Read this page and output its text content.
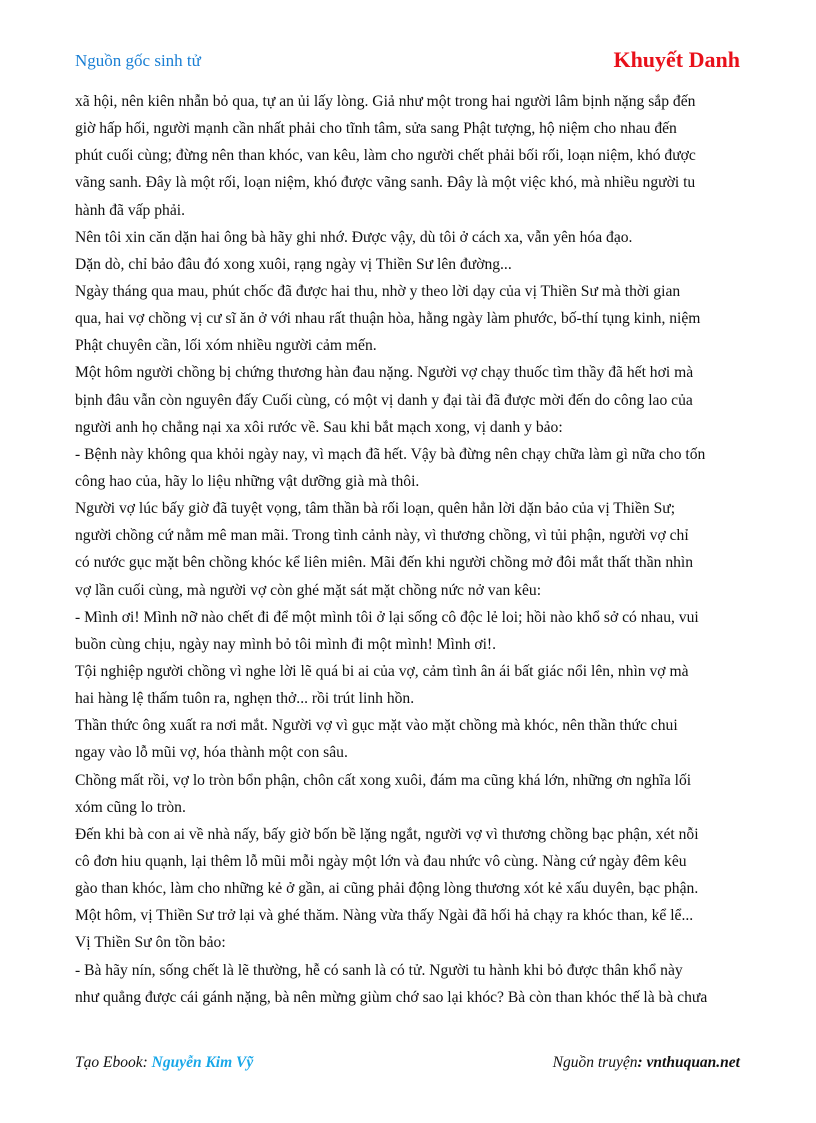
Nguồn gốc sinh tử	Khuyết Danh
xã hội, nên kiên nhẫn bỏ qua, tự an ủi lấy lòng. Giả như một trong hai người lâm bịnh nặng sắp đến
giờ hấp hối, người mạnh cần nhất phải cho tĩnh tâm, sửa sang Phật tượng, hộ niệm cho nhau đến
phút cuối cùng; đừng nên than khóc, van kêu, làm cho người chết phải bối rối, loạn niệm, khó được
vãng sanh. Đây là một rối, loạn niệm, khó được vãng sanh. Đây là một việc khó, mà nhiều người tu
hành đã vấp phải.
Nên tôi xin căn dặn hai ông bà hãy ghi nhớ. Được vậy, dù tôi ở cách xa, vẫn yên hóa đạo.
Dặn dò, chỉ bảo đâu đó xong xuôi, rạng ngày vị Thiền Sư lên đường...
Ngày tháng qua mau, phút chốc đã được hai thu, nhờ y theo lời dạy của vị Thiền Sư mà thời gian
qua, hai vợ chồng vị cư sĩ ăn ở với nhau rất thuận hòa, hằng ngày làm phước, bố-thí tụng kinh, niệm
Phật chuyên cần, lối xóm nhiều người cảm mến.
Một hôm người chồng bị chứng thương hàn đau nặng. Người vợ chạy thuốc tìm thầy đã hết hơi mà
bịnh đâu vẫn còn nguyên đấy Cuối cùng, có một vị danh y đại tài đã được mời đến do công lao của
người anh họ chẳng nại xa xôi rước về. Sau khi bắt mạch xong, vị danh y bảo:
- Bệnh này không qua khỏi ngày nay, vì mạch đã hết. Vậy bà đừng nên chạy chữa làm gì nữa cho tốn
công hao của, hãy lo liệu những vật dưỡng già mà thôi.
Người vợ lúc bấy giờ đã tuyệt vọng, tâm thần bà rối loạn, quên hẳn lời dặn bảo của vị Thiền Sư;
người chồng cứ nằm mê man mãi. Trong tình cảnh này, vì thương chồng, vì tủi phận, người vợ chỉ
có nước gục mặt bên chồng khóc kể liên miên. Mãi đến khi người chồng mở đôi mắt thất thần nhìn
vợ lần cuối cùng, mà người vợ còn ghé mặt sát mặt chồng nức nở van kêu:
- Mình ơi! Mình nỡ nào chết đi để một mình tôi ở lại sống cô độc lẻ loi; hồi nào khổ sở có nhau, vui
buồn cùng chịu, ngày nay mình bỏ tôi mình đi một mình! Mình ơi!.
Tội nghiệp người chồng vì nghe lời lẽ quá bi ai của vợ, cảm tình ân ái bất giác nổi lên, nhìn vợ mà
hai hàng lệ thấm tuôn ra, nghẹn thở... rồi trút linh hồn.
Thần thức ông xuất ra nơi mắt. Người vợ vì gục mặt vào mặt chồng mà khóc, nên thần thức chui
ngay vào lỗ mũi vợ, hóa thành một con sâu.
Chồng mất rồi, vợ lo tròn bổn phận, chôn cất xong xuôi, đám ma cũng khá lớn, những ơn nghĩa lối
xóm cũng lo tròn.
Đến khi bà con ai về nhà nấy, bấy giờ bốn bề lặng ngắt, người vợ vì thương chồng bạc phận, xét nỗi
cô đơn hiu quạnh, lại thêm lỗ mũi mỗi ngày một lớn và đau nhức vô cùng. Nàng cứ ngày đêm kêu
gào than khóc, làm cho những kẻ ở gần, ai cũng phải động lòng thương xót kẻ xấu duyên, bạc phận.
Một hôm, vị Thiền Sư trở lại và ghé thăm. Nàng vừa thấy Ngài đã hối hả chạy ra khóc than, kể lể...
Vị Thiền Sư ôn tồn bảo:
- Bà hãy nín, sống chết là lẽ thường, hễ có sanh là có tử. Người tu hành khi bỏ được thân khổ này
như quẳng được cái gánh nặng, bà nên mừng giùm chớ sao lại khóc? Bà còn than khóc thế là bà chưa
Tạo Ebook: Nguyễn Kim Vỹ	Nguồn truyện: vnthuquan.net
